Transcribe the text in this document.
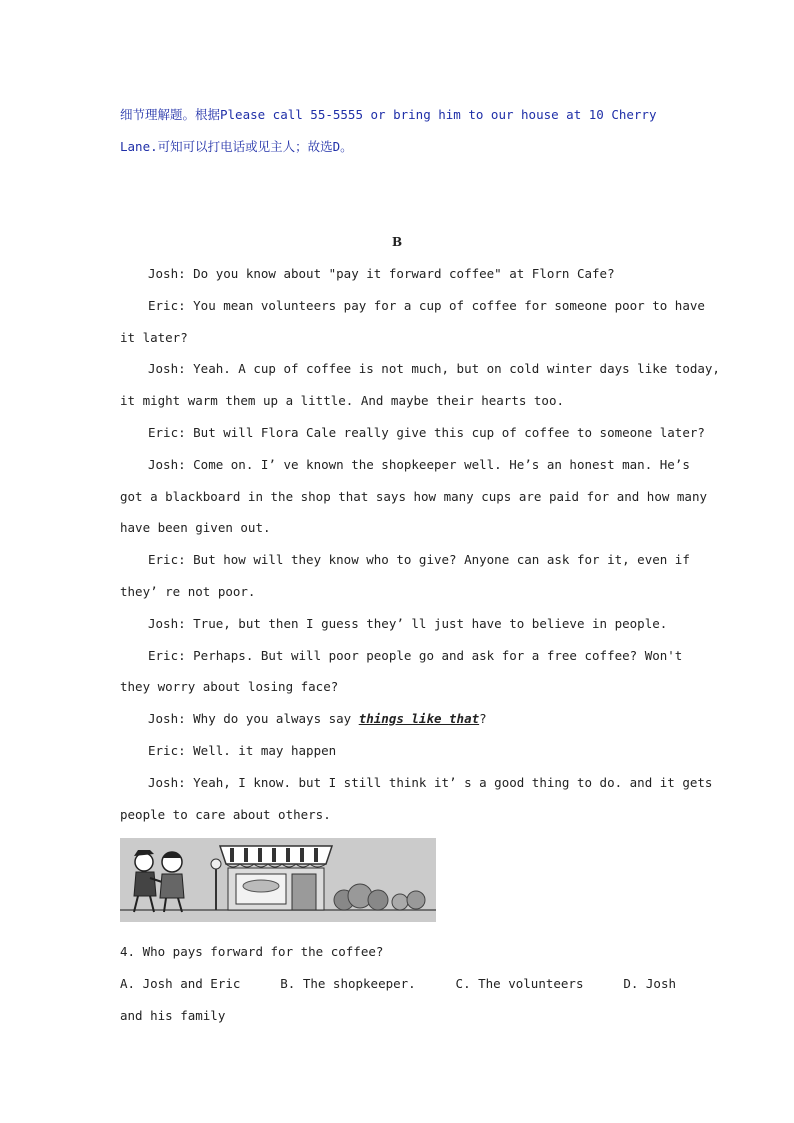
细节理解题。根据Please call 55-5555 or bring him to our house at 10 Cherry
Lane.可知可以打电话或见主人；故选D。
B
Josh: Do you know about "pay it forward coffee" at Florn Cafe?
Eric: You mean volunteers pay for a cup of coffee for someone poor to have
it later?
Josh: Yeah. A cup of coffee is not much, but on cold winter days like today,
it might warm them up a little. And maybe their hearts too.
Eric: But will Flora Cale really give this cup of coffee to someone later?
Josh: Come on. I’ ve known the shopkeeper well. He’s an honest man. He’s
got a blackboard in the shop that says how many cups are paid for and how many
have been given out.
Eric: But how will they know who to give? Anyone can ask for it, even if
they’ re not poor.
Josh: True, but then I guess they’ ll just have to believe in people.
Eric: Perhaps. But will poor people go and ask for a free coffee? Won't
they worry about losing face?
Josh: Why do you always say things like that?
Eric: Well. it may happen
Josh: Yeah, I know. but I still think it’ s a good thing to do. and it gets
people to care about others.
4. Who pays forward for the coffee?
A. Josh and Eric	B. The shopkeeper.	C. The volunteers	D. Josh
and his family
